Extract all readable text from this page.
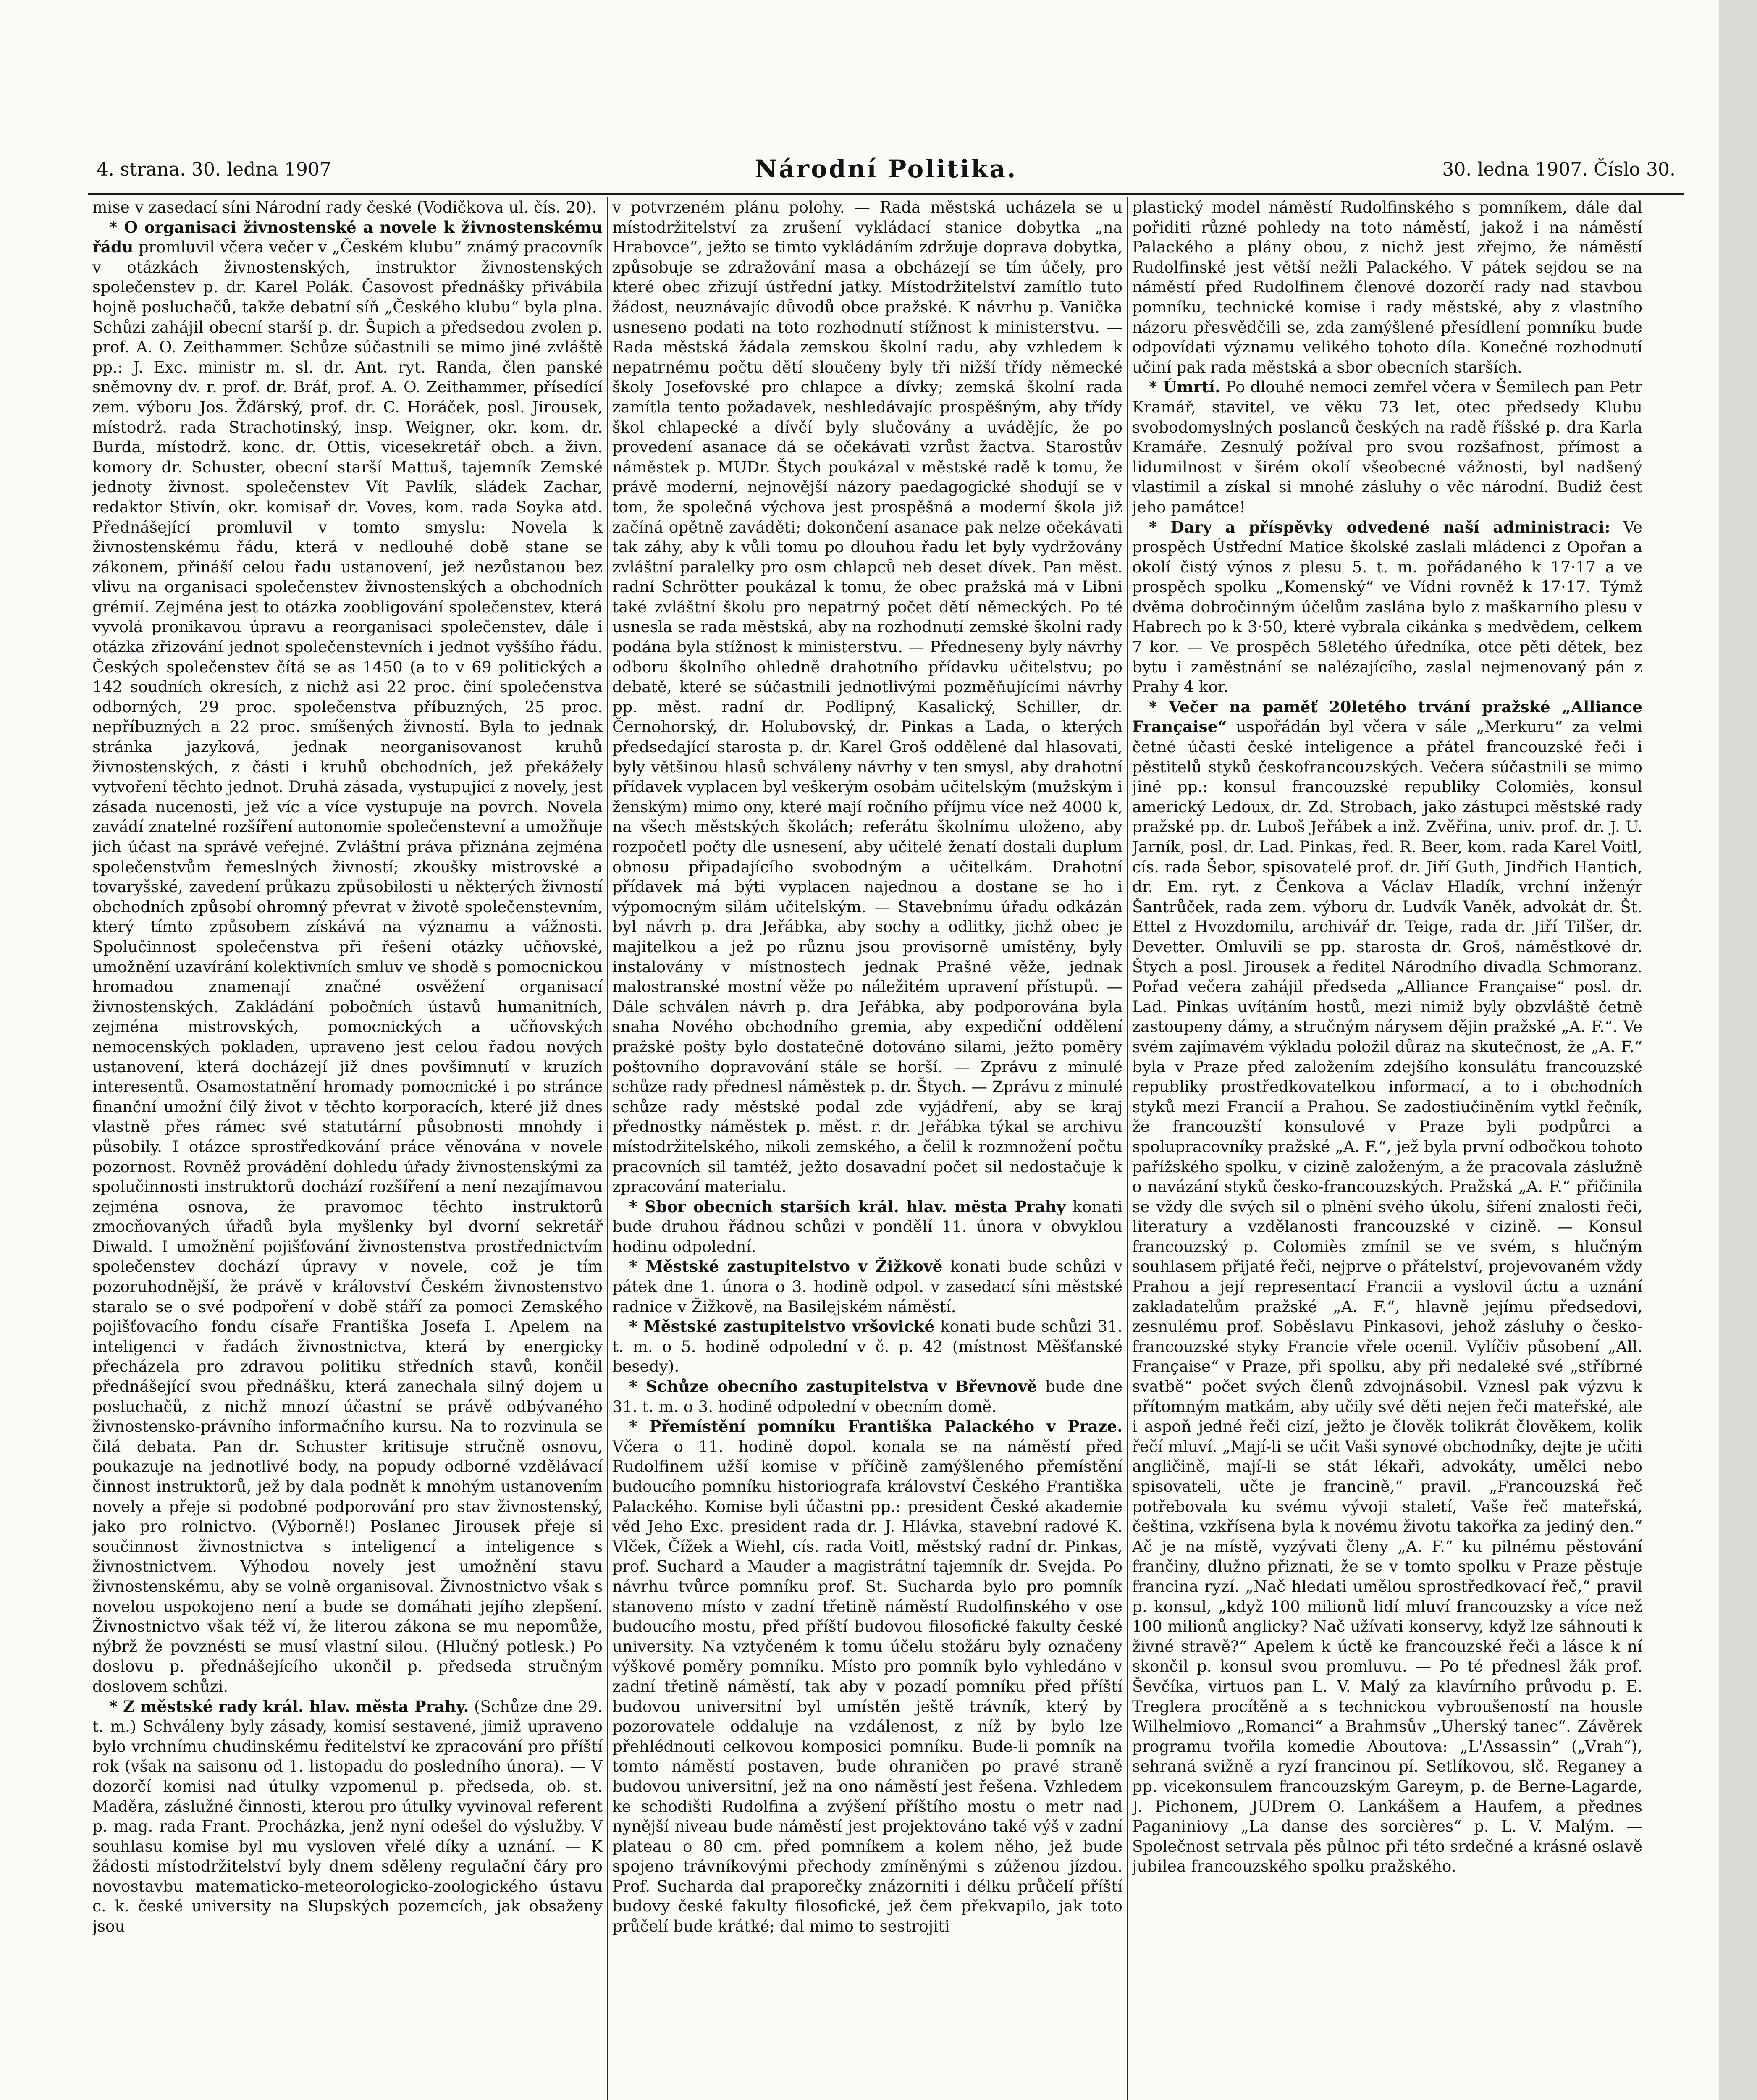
4. strana. 30. ledna 1907	Národní Politika.	30. ledna 1907. Číslo 30.

mise v zasedací síni Národní rady české (Vodičkova ul. čís. 20).

* O organisaci živnostenské a novele k živnostenskému řádu promluvil včera večer v „Českém klubu“ známý pracovník v otázkách živnostenských, instruktor živnostenských společenstev p. dr. Karel Polák. Časovost přednášky přivábila hojně posluchačů, takže debatní síň „Českého klubu“ byla plna. Schůzi zahájil obecní starší p. dr. Šupich a předsedou zvolen p. prof. A. O. Zeithammer. Schůze súčastnili se mimo jiné zvláště pp.: J. Exc. ministr m. sl. dr. Ant. ryt. Randa, člen panské sněmovny dv. r. prof. dr. Bráf, prof. A. O. Zeithammer, přísedící zem. výboru Jos. Žďárský, prof. dr. C. Horáček, posl. Jirousek, místodrž. rada Strachotinský, insp. Weigner, okr. kom. dr. Burda, místodrž. konc. dr. Ottis, vicesekretář obch. a živn. komory dr. Schuster, obecní starší Mattuš, tajemník Zemské jednoty živnost. společenstev Vít Pavlík, sládek Zachar, redaktor Stivín, okr. komisař dr. Voves, kom. rada Soyka atd. Přednášející promluvil v tomto smyslu: Novela k živnostenskému řádu, která v nedlouhé době stane se zákonem, přináší celou řadu ustanovení, jež nezůstanou bez vlivu na organisaci společenstev živnostenských a obchodních grémií. Zejména jest to otázka zoobligování společenstev, která vyvolá pronikavou úpravu a reorganisaci společenstev, dále i otázka zřizování jednot společenstevních i jednot vyššího řádu. Českých společenstev čítá se as 1450 (a to v 69 politických a 142 soudních okresích, z nichž asi 22 proc. činí společenstva odborných, 29 proc. společenstva příbuzných, 25 proc. nepříbuzných a 22 proc. smíšených živností. Byla to jednak stránka jazyková, jednak neorganisovanost kruhů živnostenských, z části i kruhů obchodních, jež překážely vytvoření těchto jednot. Druhá zásada, vystupující z novely, jest zásada nucenosti, jež víc a více vystupuje na povrch. Novela zavádí znatelné rozšíření autonomie společenstevní a umožňuje jich účast na správě veřejné. Zvláštní práva přiznána zejména společenstvům řemeslných živností; zkoušky mistrovské a tovaryšské, zavedení průkazu způsobilosti u některých živností obchodních způsobí ohromný převrat v životě společenstevním, který tímto způsobem získává na významu a vážnosti. Spolučinnost společenstva při řešení otázky učňovské, umožnění uzavírání kolektivních smluv ve shodě s pomocnickou hromadou znamenají značné osvěžení organisací živnostenských. Zakládání pobočních ústavů humanitních, zejména mistrovských, pomocnických a učňovských nemocenských pokladen, upraveno jest celou řadou nových ustanovení, která docházejí již dnes povšimnutí v kruzích interesentů. Osamostatnění hromady pomocnické i po stránce finanční umožní čilý život v těchto korporacích, které již dnes vlastně přes rámec své statutární působnosti mnohdy i působily. I otázce sprostředkování práce věnována v novele pozornost. Rovněž provádění dohledu úřady živnostenskými za spolučinnosti instruktorů dochází rozšíření a není nezajímavou zejména osnova, že pravomoc těchto instruktorů zmocňovaných úřadů byla myšlenky byl dvorní sekretář Diwald. I umožnění pojišťování živnostenstva prostřednictvím společenstev dochází úpravy v novele, což je tím pozoruhodnější, že právě v království Českém živnostenstvo staralo se o své podpoření v době stáří za pomoci Zemského pojišťovacího fondu císaře Františka Josefa I. Apelem na inteligenci v řadách živnostnictva, která by energicky přecházela pro zdravou politiku středních stavů, končil přednášející svou přednášku, která zanechala silný dojem u posluchačů, z nichž mnozí účastní se právě odbývaného živnostensko-právního informačního kursu. Na to rozvinula se čilá debata. Pan dr. Schuster kritisuje stručně osnovu, poukazuje na jednotlivé body, na popudy odborné vzdělávací činnost instruktorů, jež by dala podnět k mnohým ustanovením novely a přeje si podobné podporování pro stav živnostenský, jako pro rolnictvo. (Výborně!) Poslanec Jirousek přeje si součinnost živnostnictva s inteligencí a inteligence s živnostnictvem. Výhodou novely jest umožnění stavu živnostenskému, aby se volně organisoval. Živnostnictvo však s novelou uspokojeno není a bude se domáhati jejího zlepšení. Živnostnictvo však též ví, že literou zákona se mu nepomůže, nýbrž že povznésti se musí vlastní silou. (Hlučný potlesk.) Po doslovu p. přednášejícího ukončil p. předseda stručným doslovem schůzi.

* Z městské rady král. hlav. města Prahy. (Schůze dne 29. t. m.) Schváleny byly zásady, komisí sestavené, jimiž upraveno bylo vrchnímu chudinskému ředitelství ke zpracování pro příští rok (však na saisonu od 1. listopadu do posledního února). — V dozorčí komisi nad útulky vzpomenul p. předseda, ob. st. Maděra, záslužné činnosti, kterou pro útulky vyvinoval referent p. mag. rada Frant. Procházka, jenž nyní odešel do výslužby. V souhlasu komise byl mu vysloven vřelé díky a uznání. — K žádosti místodržitelství byly dnem sděleny regulační čáry pro novostavbu matematicko-meteorologicko-zoologického ústavu c. k. české university na Slupských pozemcích, jak obsaženy jsou

v potvrzeném plánu polohy. — Rada městská ucházela se u místodržitelství za zrušení vykládací stanice dobytka „na Hrabovce“, ježto se timto vykládáním zdržuje doprava dobytka, způsobuje se zdražování masa a obcházejí se tím účely, pro které obec zřizují ústřední jatky. Místodržitelství zamítlo tuto žádost, neuznávajíc důvodů obce pražské. K návrhu p. Vanička usneseno podati na toto rozhodnutí stížnost k ministerstvu. — Rada městská žádala zemskou školní radu, aby vzhledem k nepatrnému počtu dětí sloučeny byly tři nižší třídy německé školy Josefovské pro chlapce a dívky; zemská školní rada zamítla tento požadavek, neshledávajíc prospěšným, aby třídy škol chlapecké a dívčí byly slučovány a uvádějíc, že po provedení asanace dá se očekávati vzrůst žactva. Starostův náměstek p. MUDr. Štych poukázal v městské radě k tomu, že právě moderní, nejnovější názory paedagogické shodují se v tom, že společná výchova jest prospěšná a moderní škola již začíná opětně zaváděti; dokončení asanace pak nelze očekávati tak záhy, aby k vůli tomu po dlouhou řadu let byly vydržovány zvláštní paralelky pro osm chlapců neb deset dívek. Pan měst. radní Schrötter poukázal k tomu, že obec pražská má v Libni také zvláštní školu pro nepatrný počet dětí německých. Po té usnesla se rada městská, aby na rozhodnutí zemské školní rady podána byla stížnost k ministerstvu. — Předneseny byly návrhy odboru školního ohledně drahotního přídavku učitelstvu; po debatě, které se súčastnili jednotlivými pozměňujícími návrhy pp. měst. radní dr. Podlipný, Kasalický, Schiller, dr. Černohorský, dr. Holubovský, dr. Pinkas a Lada, o kterých předsedající starosta p. dr. Karel Groš oddělené dal hlasovati, byly většinou hlasů schváleny návrhy v ten smysl, aby drahotní přídavek vyplacen byl veškerým osobám učitelským (mužským i ženským) mimo ony, které mají ročního příjmu více než 4000 k, na všech městských školách; referátu školnímu uloženo, aby rozpočetl počty dle usnesení, aby učitelé ženatí dostali duplum obnosu připadajícího svobodným a učitelkám. Drahotní přídavek má býti vyplacen najednou a dostane se ho i výpomocným silám učitelským. — Stavebnímu úřadu odkázán byl návrh p. dra Jeřábka, aby sochy a odlitky, jichž obec je majitelkou a jež po různu jsou provisorně umístěny, byly instalovány v místnostech jednak Prašné věže, jednak malostranské mostní věže po náležitém upravení přístupů. — Dále schválen návrh p. dra Jeřábka, aby podporována byla snaha Nového obchodního gremia, aby expediční oddělení pražské pošty bylo dostatečně dotováno silami, ježto poměry poštovního dopravování stále se horší. — Zprávu z minulé schůze rady přednesl náměstek p. dr. Štych. — Zprávu z minulé schůze rady městské podal zde vyjádření, aby se kraj přednostky náměstek p. měst. r. dr. Jeřábka týkal se archivu místodržitelského, nikoli zemského, a čelil k rozmnožení počtu pracovních sil tamtéž, ježto dosavadní počet sil nedostačuje k zpracování materialu.

* Sbor obecních starších král. hlav. města Prahy konati bude druhou řádnou schůzi v pondělí 11. února v obvyklou hodinu odpolední.

* Městské zastupitelstvo v Žižkově konati bude schůzi v pátek dne 1. února o 3. hodině odpol. v zasedací síni městské radnice v Žižkově, na Basilejském náměstí.

* Městské zastupitelstvo vršovické konati bude schůzi 31. t. m. o 5. hodině odpolední v č. p. 42 (místnost Měšťanské besedy).

* Schůze obecního zastupitelstva v Břevnově bude dne 31. t. m. o 3. hodině odpolední v obecním domě.

* Přemístění pomníku Františka Palackého v Praze. Včera o 11. hodině dopol. konala se na náměstí před Rudolfinem užší komise v příčině zamýšleného přemístění budoucího pomníku historiografa království Českého Františka Palackého. Komise byli účastni pp.: president České akademie věd Jeho Exc. president rada dr. J. Hlávka, stavební radové K. Vlček, Čížek a Wiehl, cís. rada Voitl, městský radní dr. Pinkas, prof. Suchard a Mauder a magistrátní tajemník dr. Svejda. Po návrhu tvůrce pomníku prof. St. Sucharda bylo pro pomník stanoveno místo v zadní třetině náměstí Rudolfinského v ose budoucího mostu, před příští budovou filosofické fakulty české university. Na vztyčeném k tomu účelu stožáru byly označeny výškové poměry pomníku. Místo pro pomník bylo vyhledáno v zadní třetině náměstí, tak aby v pozadí pomníku před příští budovou universitní byl umístěn ještě trávník, který by pozorovatele oddaluje na vzdálenost, z níž by bylo lze přehlédnouti celkovou komposici pomníku. Bude-li pomník na tomto náměstí postaven, bude ohraničen po pravé straně budovou universitní, jež na ono náměstí jest řešena. Vzhledem ke schodišti Rudolfina a zvýšení příštího mostu o metr nad nynější niveau bude náměstí jest projektováno také výš v zadní plateau o 80 cm. před pomníkem a kolem něho, jež bude spojeno trávníkovými přechody zmíněnými s zúženou jízdou. Prof. Sucharda dal praporečky znázorniti i délku průčelí příští budovy české fakulty filosofické, jež čem překvapilo, jak toto průčelí bude krátké; dal mimo to sestrojiti

plastický model náměstí Rudolfinského s pomníkem, dále dal pořiditi různé pohledy na toto náměstí, jakož i na náměstí Palackého a plány obou, z nichž jest zřejmo, že náměstí Rudolfinské jest větší nežli Palackého. V pátek sejdou se na náměstí před Rudolfinem členové dozorčí rady nad stavbou pomníku, technické komise i rady městské, aby z vlastního názoru přesvědčili se, zda zamýšlené přesídlení pomníku bude odpovídati významu velikého tohoto díla. Konečné rozhodnutí učiní pak rada městská a sbor obecních starších.

* Úmrtí. Po dlouhé nemoci zemřel včera v Šemilech pan Petr Kramář, stavitel, ve věku 73 let, otec předsedy Klubu svobodomyslných poslanců českých na radě říšské p. dra Karla Kramáře. Zesnulý požíval pro svou rozšafnost, přímost a lidumilnost v širém okolí všeobecné vážnosti, byl nadšený vlastimil a získal si mnohé zásluhy o věc národní. Budiž čest jeho památce!

* Dary a příspěvky odvedené naší administraci: Ve prospěch Ústřední Matice školské zaslali mládenci z Opořan a okolí čistý výnos z plesu 5. t. m. pořádaného k 17·17 a ve prospěch spolku „Komenský“ ve Vídni rovněž k 17·17. Týmž dvěma dobročinným účelům zaslána bylo z maškarního plesu v Habrech po k 3·50, které vybrala cikánka s medvědem, celkem 7 kor. — Ve prospěch 58letého úředníka, otce pěti dětek, bez bytu i zaměstnání se nalézajícího, zaslal nejmenovaný pán z Prahy 4 kor.

* Večer na paměť 20letého trvání pražské „Alliance Française“ uspořádán byl včera v sále „Merkuru“ za velmi četné účasti české inteligence a přátel francouzské řeči i pěstitelů styků českofrancouzských. Večera súčastnili se mimo jiné pp.: konsul francouzské republiky Colomiès, konsul americký Ledoux, dr. Zd. Strobach, jako zástupci městské rady pražské pp. dr. Luboš Jeřábek a inž. Zvěřina, univ. prof. dr. J. U. Jarník, posl. dr. Lad. Pinkas, řed. R. Beer, kom. rada Karel Voitl, cís. rada Šebor, spisovatelé prof. dr. Jiří Guth, Jindřich Hantich, dr. Em. ryt. z Čenkova a Václav Hladík, vrchní inženýr Šantrůček, rada zem. výboru dr. Ludvík Vaněk, advokát dr. Št. Ettel z Hvozdomilu, archivář dr. Teige, rada dr. Jiří Tilšer, dr. Devetter. Omluvili se pp. starosta dr. Groš, náměstkové dr. Štych a posl. Jirousek a ředitel Národního divadla Schmoranz. Pořad večera zahájil předseda „Alliance Française“ posl. dr. Lad. Pinkas uvítáním hostů, mezi nimiž byly obzvláště četně zastoupeny dámy, a stručným nárysem dějin pražské „A. F.“. Ve svém zajímavém výkladu položil důraz na skutečnost, že „A. F.“ byla v Praze před založením zdejšího konsulátu francouzské republiky prostředkovatelkou informací, a to i obchodních styků mezi Francií a Prahou. Se zadostiučiněním vytkl řečník, že francouzští konsulové v Praze byli podpůrci a spolupracovníky pražské „A. F.“, jež byla první odbočkou tohoto pařížského spolku, v cizině založeným, a že pracovala záslužně o navázání styků česko-francouzských. Pražská „A. F.“ přičinila se vždy dle svých sil o plnění svého úkolu, šíření znalosti řeči, literatury a vzdělanosti francouzské v cizině. — Konsul francouzský p. Colomiès zmínil se ve svém, s hlučným souhlasem přijaté řeči, nejprve o přátelství, projevovaném vždy Prahou a její representací Francii a vyslovil úctu a uznání zakladatelům pražské „A. F.“, hlavně jejímu předsedovi, zesnulému prof. Soběslavu Pinkasovi, jehož zásluhy o česko-francouzské styky Francie vřele ocenil. Vylíčiv působení „All. Française“ v Praze, při spolku, aby při nedaleké své „stříbrné svatbě“ počet svých členů zdvojnásobil. Vznesl pak výzvu k přítomným matkám, aby učily své děti nejen řeči mateřské, ale i aspoň jedné řeči cizí, ježto je člověk tolikrát člověkem, kolik řečí mluví. „Mají-li se učit Vaši synové obchodníky, dejte je učiti angličině, mají-li se stát lékaři, advokáty, umělci nebo spisovateli, učte je francině,“ pravil. „Francouzská řeč potřebovala ku svému vývoji staletí, Vaše řeč mateřská, čeština, vzkřísena byla k novému životu takořka za jediný den.“ Ač je na místě, vyzývati členy „A. F.“ ku pilnému pěstování frančiny, dlužno přiznati, že se v tomto spolku v Praze pěstuje francina ryzí. „Nač hledati umělou sprostředkovací řeč,“ pravil p. konsul, „když 100 milionů lidí mluví francouzsky a více než 100 milionů anglicky? Nač užívati konservy, když lze sáhnouti k živné stravě?“ Apelem k úctě ke francouzské řeči a lásce k ní skončil p. konsul svou promluvu. — Po té přednesl žák prof. Ševčíka, virtuos pan L. V. Malý za klavírního průvodu p. E. Treglera procítěně a s technickou vybroušeností na housle Wilhelmiovo „Romanci“ a Brahmsův „Uherský tanec“. Závěrek programu tvořila komedie Aboutova: „L'Assassin“ („Vrah“), sehraná svižně a ryzí francinou pí. Setlíkovou, slč. Reganey a pp. vicekonsulem francouzským Gareym, p. de Berne-Lagarde, J. Pichonem, JUDrem O. Lankášem a Haufem, a přednes Paganiniovy „La danse des sorcières“ p. L. V. Malým. — Společnost setrvala pěs půlnoc při této srdečné a krásné oslavě jubilea francouzského spolku pražského.
